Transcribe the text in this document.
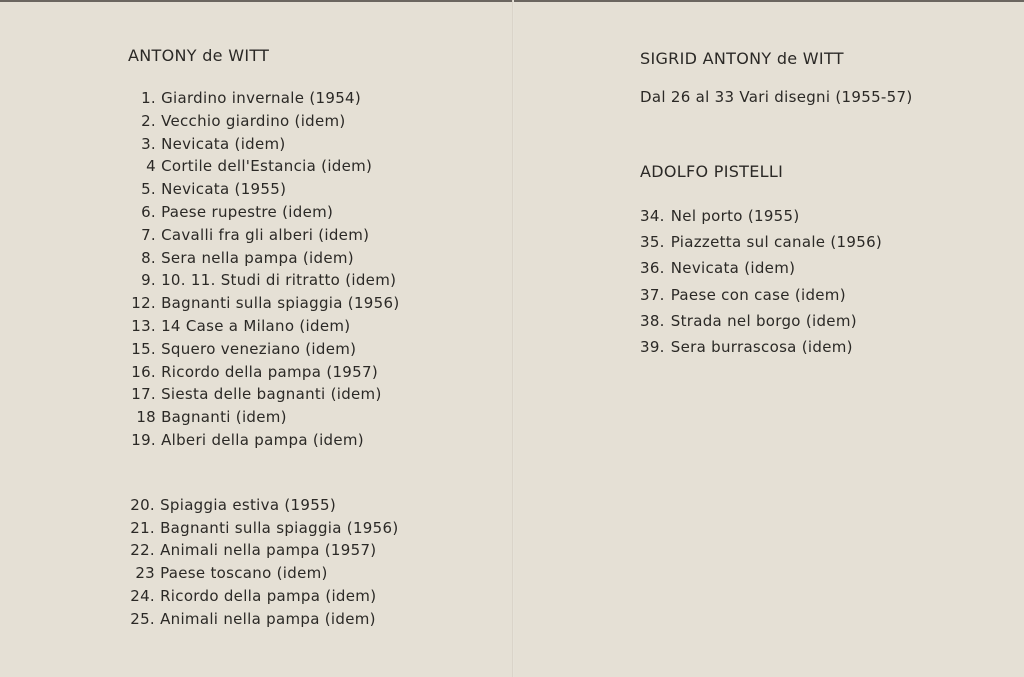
ANTONY de WITT
1. Giardino invernale (1954)
2. Vecchio giardino (idem)
3. Nevicata (idem)
4 Cortile dell'Estancia (idem)
5. Nevicata (1955)
6. Paese rupestre (idem)
7. Cavalli fra gli alberi (idem)
8. Sera nella pampa (idem)
9. 10. 11. Studi di ritratto (idem)
12. Bagnanti sulla spiaggia (1956)
13. 14 Case a Milano (idem)
15. Squero veneziano (idem)
16. Ricordo della pampa (1957)
17. Siesta delle bagnanti (idem)
18 Bagnanti (idem)
19. Alberi della pampa (idem)
20. Spiaggia estiva (1955)
21. Bagnanti sulla spiaggia (1956)
22. Animali nella pampa (1957)
23 Paese toscano (idem)
24. Ricordo della pampa (idem)
25. Animali nella pampa (idem)
SIGRID ANTONY de WITT
Dal 26 al 33 Vari disegni (1955-57)
ADOLFO PISTELLI
34. Nel porto (1955)
35. Piazzetta sul canale (1956)
36. Nevicata (idem)
37. Paese con case (idem)
38. Strada nel borgo (idem)
39. Sera burrascosa (idem)
